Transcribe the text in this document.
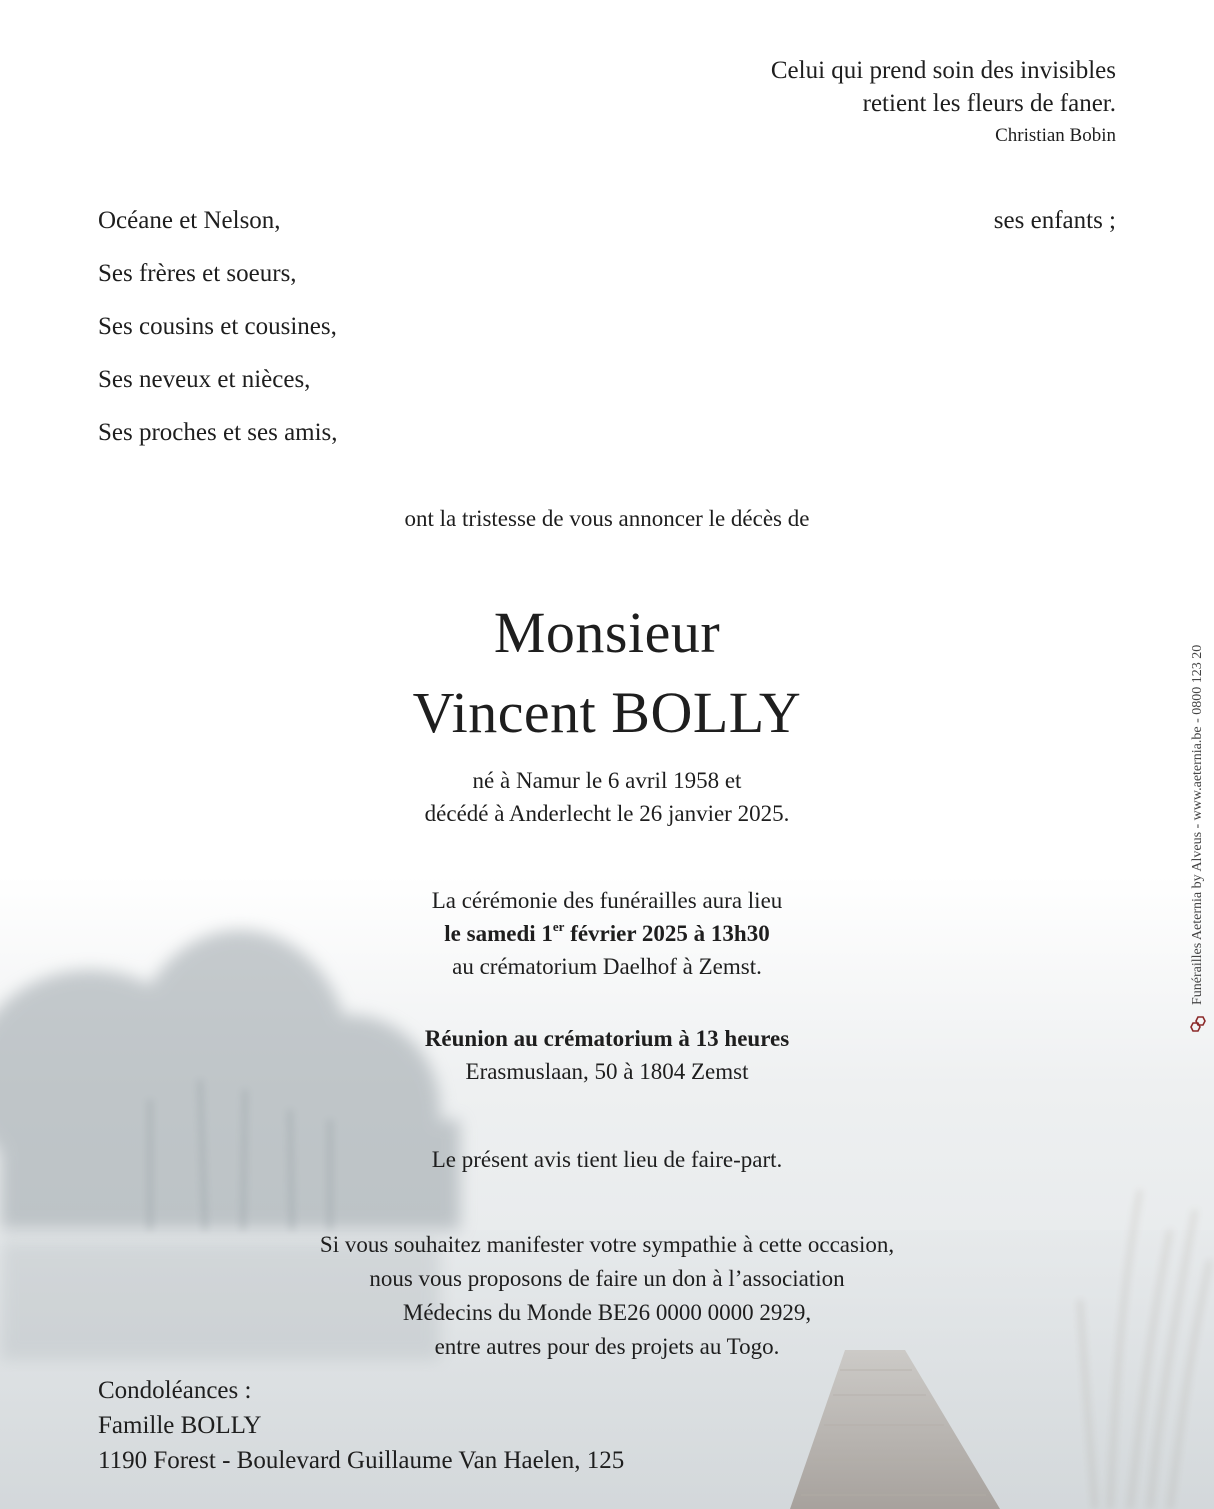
Celui qui prend soin des invisibles
retient les fleurs de faner.
Christian Bobin
Océane et Nelson,	ses enfants ;
Ses frères et soeurs,
Ses cousins et cousines,
Ses neveux et nièces,
Ses proches et ses amis,
ont la tristesse de vous annoncer le décès de
Monsieur
Vincent BOLLY
né à Namur le 6 avril 1958 et
décédé à Anderlecht le 26 janvier 2025.
La cérémonie des funérailles aura lieu
le samedi 1er février 2025 à 13h30
au crématorium Daelhof à Zemst.
Réunion au crématorium à 13 heures
Erasmuslaan, 50 à 1804 Zemst
Le présent avis tient lieu de faire-part.
Si vous souhaitez manifester votre sympathie à cette occasion,
nous vous proposons de faire un don à l’association
Médecins du Monde BE26 0000 0000 2929,
entre autres pour des projets au Togo.
Condoléances :
Famille BOLLY
1190 Forest - Boulevard Guillaume Van Haelen, 125
Funérailles Aeternia by Alveus - www.aeternia.be - 0800 123 20
